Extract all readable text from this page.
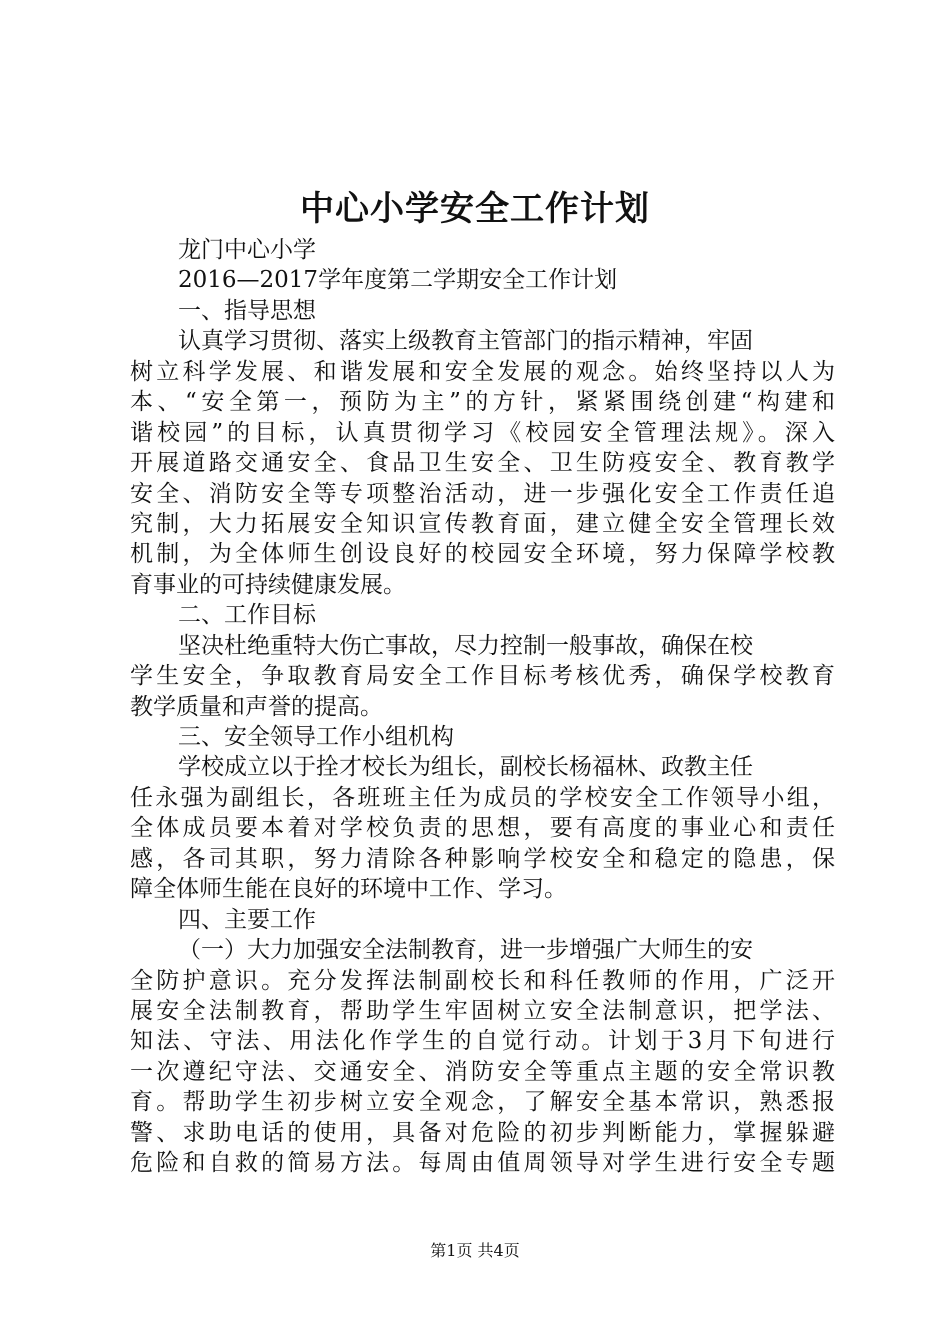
中心小学安全工作计划
龙门中心小学
2016—2017学年度第二学期安全工作计划
一、指导思想
认真学习贯彻、落实上级教育主管部门的指示精神，牢固
树立科学发展、和谐发展和安全发展的观念。始终坚持以人为
本、“安全第一，预防为主”的方针，紧紧围绕创建“构建和
谐校园”的目标，认真贯彻学习《校园安全管理法规》。深入
开展道路交通安全、食品卫生安全、卫生防疫安全、教育教学
安全、消防安全等专项整治活动，进一步强化安全工作责任追
究制，大力拓展安全知识宣传教育面，建立健全安全管理长效
机制，为全体师生创设良好的校园安全环境，努力保障学校教
育事业的可持续健康发展。
二、工作目标
坚决杜绝重特大伤亡事故，尽力控制一般事故，确保在校
学生安全，争取教育局安全工作目标考核优秀，确保学校教育
教学质量和声誉的提高。
三、安全领导工作小组机构
学校成立以于拴才校长为组长，副校长杨福林、政教主任
任永强为副组长，各班班主任为成员的学校安全工作领导小组，
全体成员要本着对学校负责的思想，要有高度的事业心和责任
感，各司其职，努力清除各种影响学校安全和稳定的隐患，保
障全体师生能在良好的环境中工作、学习。
四、主要工作
（一）大力加强安全法制教育，进一步增强广大师生的安
全防护意识。充分发挥法制副校长和科任教师的作用，广泛开
展安全法制教育，帮助学生牢固树立安全法制意识，把学法、
知法、守法、用法化作学生的自觉行动。计划于3月下旬进行
一次遵纪守法、交通安全、消防安全等重点主题的安全常识教
育。帮助学生初步树立安全观念，了解安全基本常识，熟悉报
警、求助电话的使用，具备对危险的初步判断能力，掌握躲避
危险和自救的简易方法。每周由值周领导对学生进行安全专题
第1页 共4页
